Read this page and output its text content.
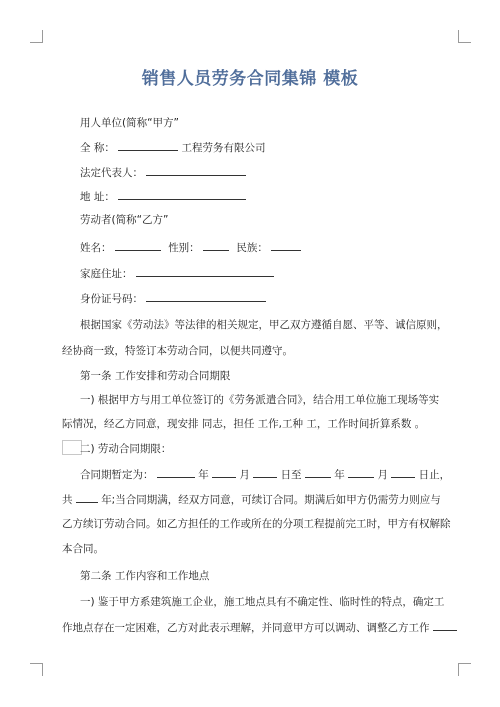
销售人员劳务合同集锦 模板
用人单位(简称“甲方”
全 称：	工程劳务有限公司
法定代表人：
地 址：
劳动者(简称“乙方”
姓名：	性别：	民族：
家庭住址：
身份证号码：
根据国家《劳动法》等法律的相关规定，甲乙双方遵循自愿、平等、诚信原则，
经协商一致，特签订本劳动合同，以便共同遵守。
第一条 工作安排和劳动合同期限
一) 根据甲方与用工单位签订的《劳务派遣合同》，结合用工单位施工现场等实
际情况，经乙方同意，现安排 同志，担任 工作,工种 工，工作时间折算系数 。
二) 劳动合同期限：
合同期暂定为：	年	月	日至	年	月	日止，
共	年;当合同期满，经双方同意，可续订合同。期满后如甲方仍需劳力则应与
乙方续订劳动合同。如乙方担任的工作或所在的分项工程提前完工时，甲方有权解除
本合同。
第二条 工作内容和工作地点
一) 鉴于甲方系建筑施工企业，施工地点具有不确定性、临时性的特点，确定工
作地点存在一定困难，乙方对此表示理解，并同意甲方可以调动、调整乙方工作
